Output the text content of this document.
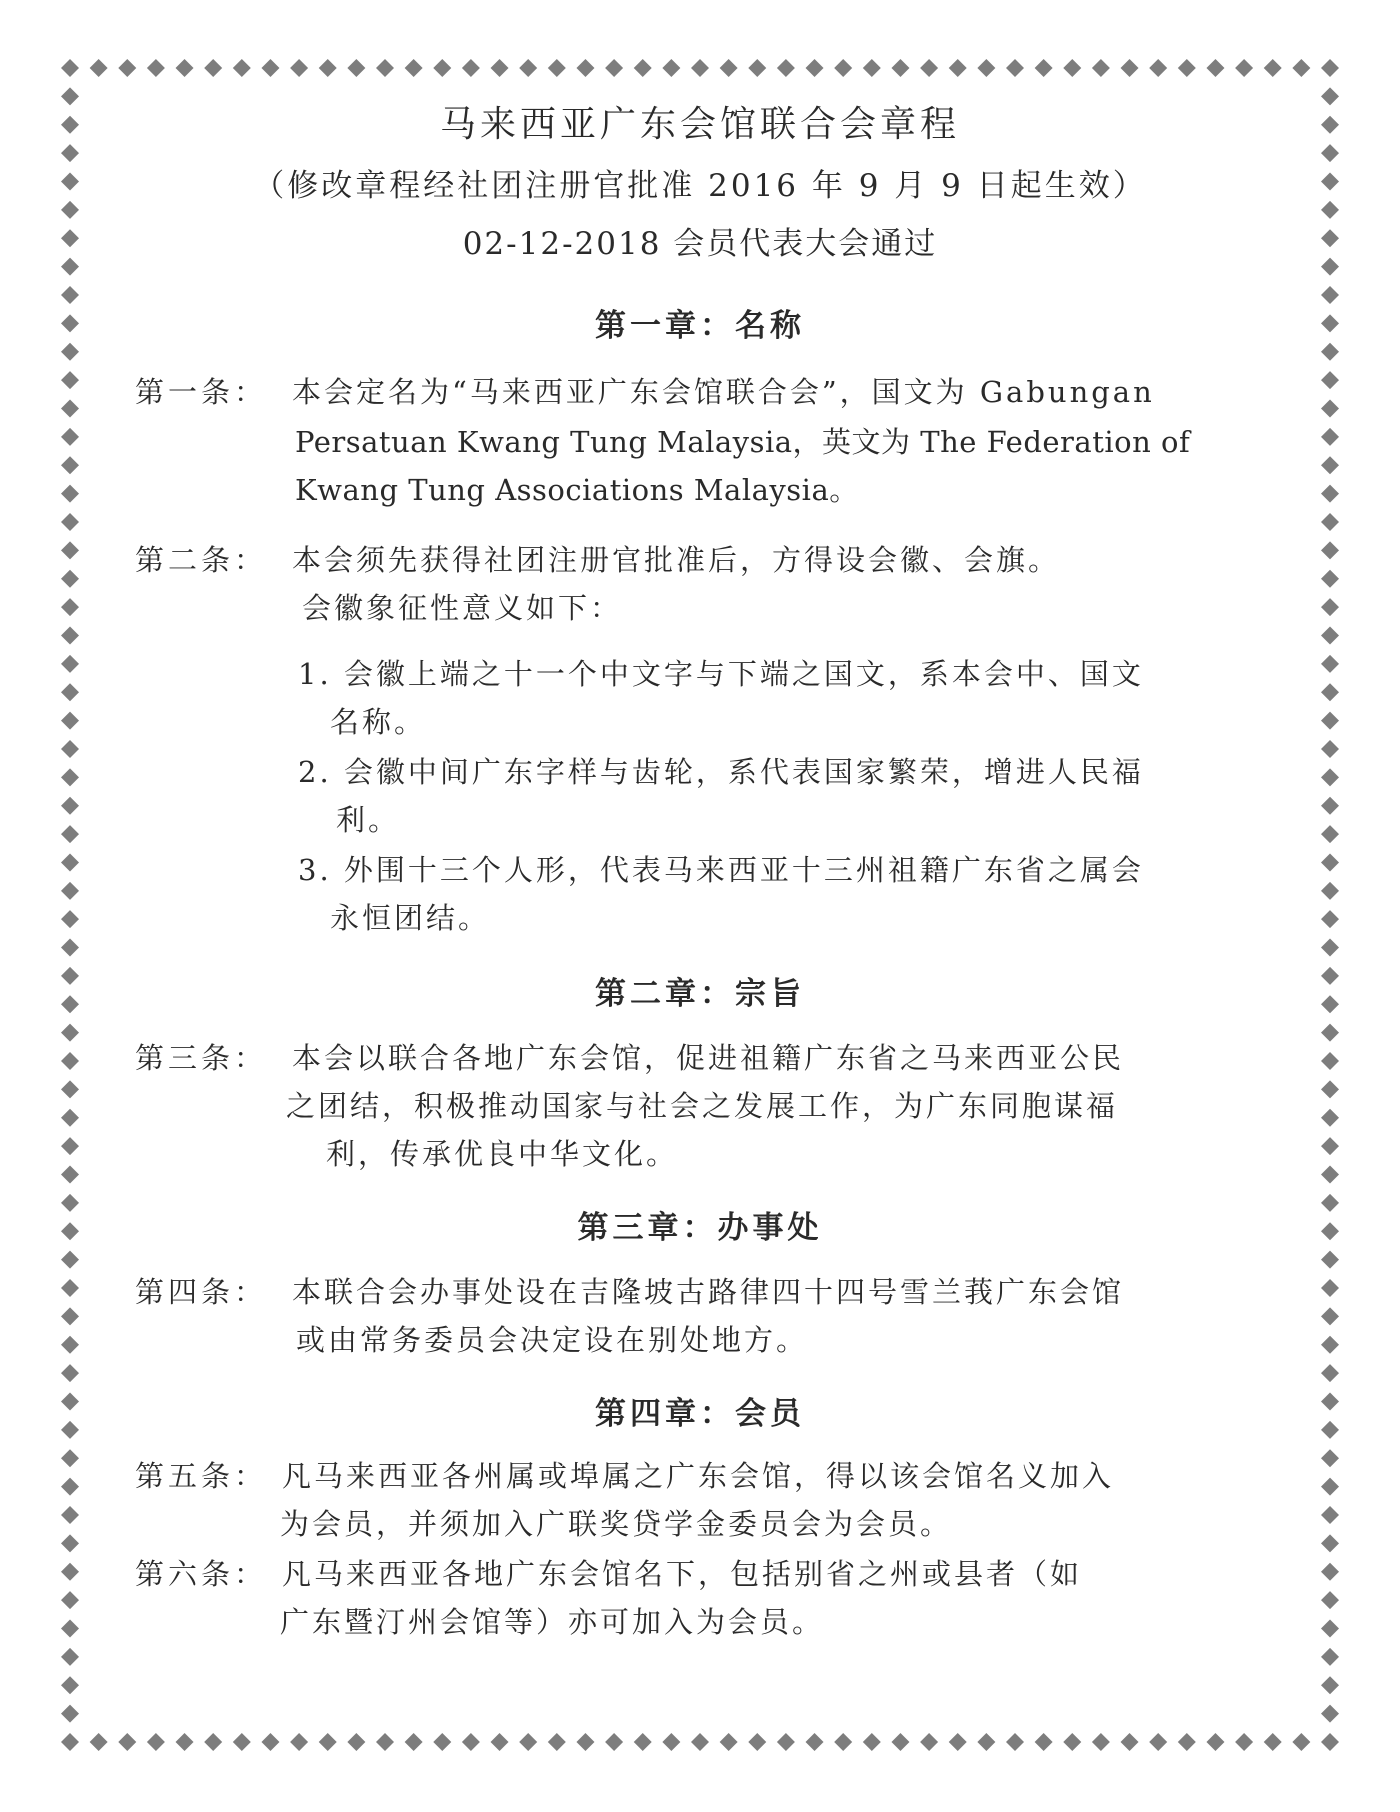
马来西亚广东会馆联合会章程
（修改章程经社团注册官批准 2016 年 9 月 9 日起生效）
02-12-2018 会员代表大会通过
第一章：名称
第一条： 本会定名为“马来西亚广东会馆联合会”，国文为 Gabungan
Persatuan Kwang Tung Malaysia，英文为 The Federation of
Kwang Tung Associations Malaysia。
第二条： 本会须先获得社团注册官批准后，方得设会徽、会旗。
会徽象征性意义如下：
1. 会徽上端之十一个中文字与下端之国文，系本会中、国文
名称。
2. 会徽中间广东字样与齿轮，系代表国家繁荣，增进人民福
利。
3. 外围十三个人形，代表马来西亚十三州祖籍广东省之属会
永恒团结。
第二章：宗旨
第三条： 本会以联合各地广东会馆，促进祖籍广东省之马来西亚公民
之团结，积极推动国家与社会之发展工作，为广东同胞谋福
利，传承优良中华文化。
第三章：办事处
第四条： 本联合会办事处设在吉隆坡古路律四十四号雪兰莪广东会馆
或由常务委员会决定设在别处地方。
第四章：会员
第五条： 凡马来西亚各州属或埠属之广东会馆，得以该会馆名义加入
为会员，并须加入广联奖贷学金委员会为会员。
第六条： 凡马来西亚各地广东会馆名下，包括别省之州或县者（如
广东暨汀州会馆等）亦可加入为会员。
